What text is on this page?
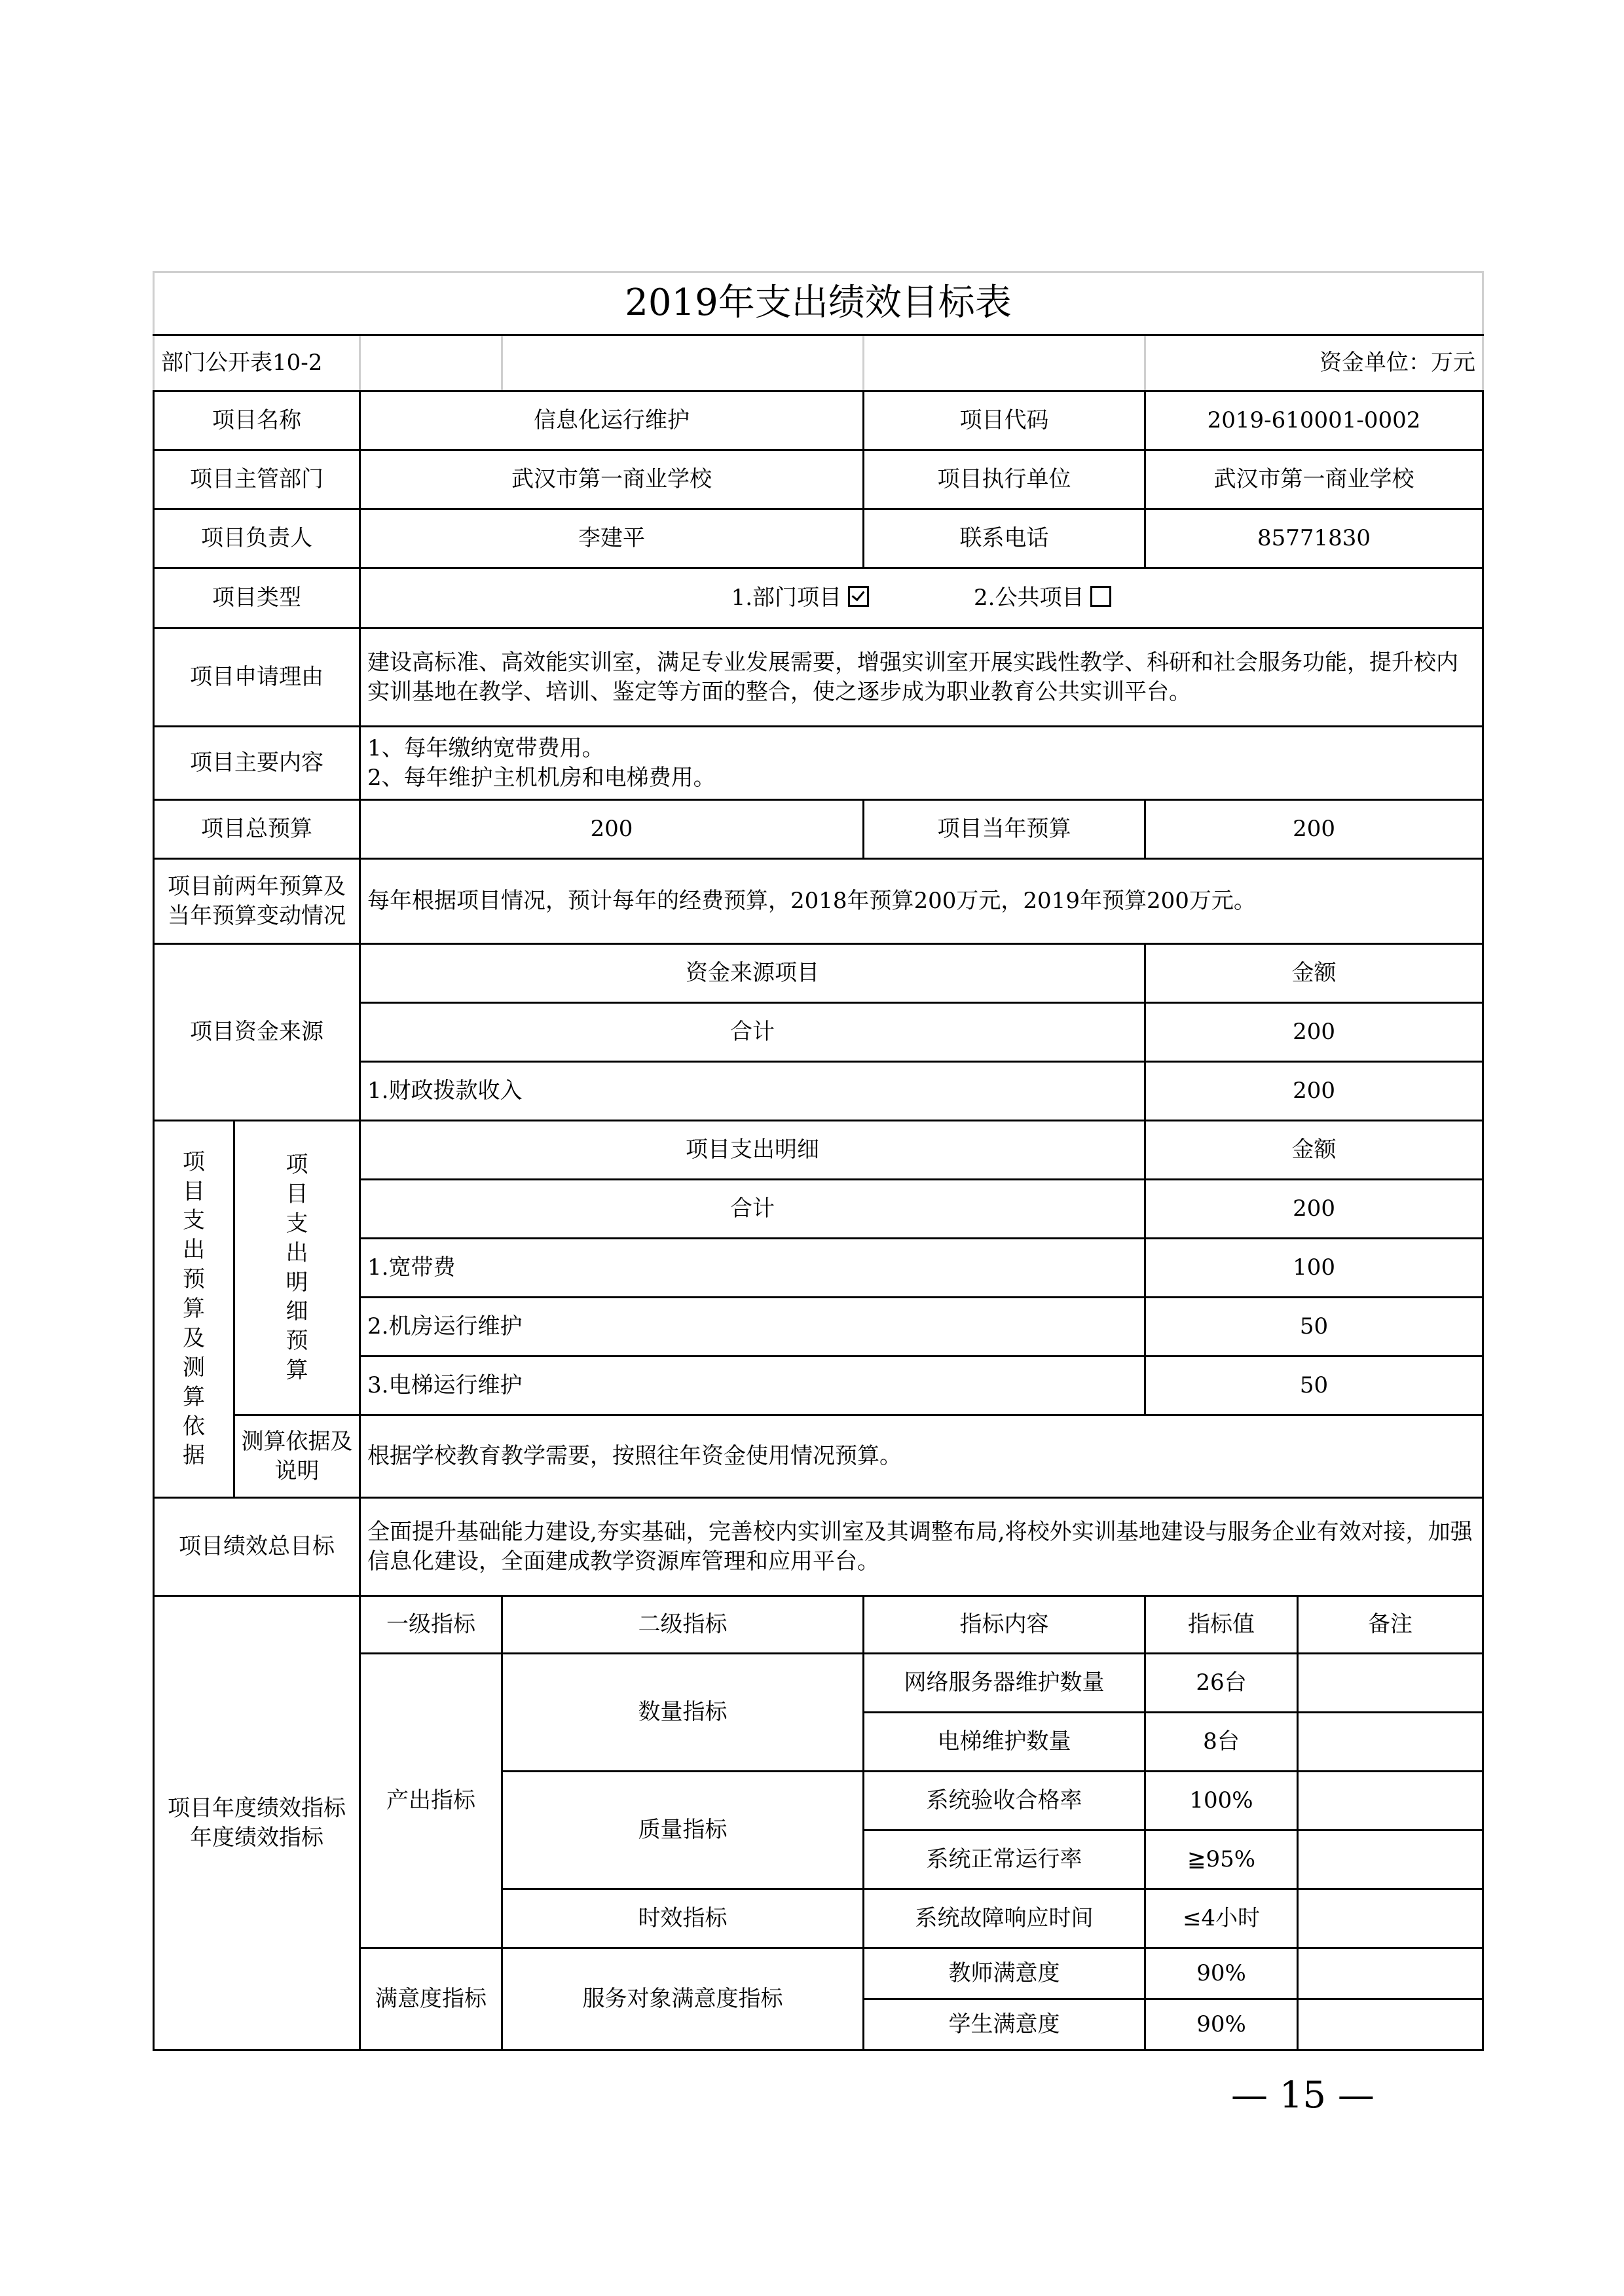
2019年支出绩效目标表						
部门公开表10-2					资金单位：万元	
项目名称		信息化运行维护		项目代码	2019-610001-0002	
项目主管部门		武汉市第一商业学校		项目执行单位	武汉市第一商业学校	
项目负责人		李建平		联系电话	85771830	
项目类型		1.部门项目 2.公共项目				
项目申请理由		建设高标准、高效能实训室，满足专业发展需要，增强实训室开展实践性教学、科研和社会服务功能，提升校内实训基地在教学、培训、鉴定等方面的整合，使之逐步成为职业教育公共实训平台。				
项目主要内容		1、每年缴纳宽带费用。
2、每年维护主机机房和电梯费用。				

项目总预算		200		项目当年预算	200	

项目前两年预算及
当年预算变动情况		每年根据项目情况，预计每年的经费预算，2018年预算200万元，2019年预算200万元。				
项目资金来源		资金来源项目			金额	
		合计			200	
		1.财政拨款收入			200	
项目支出预算及测算依据	项目支出明细预算	项目支出明细			金额	
		合计			200	
		1.宽带费			100	
		2.机房运行维护			50	
		3.电梯运行维护			50	

	测算依据及
说明	根据学校教育教学需要，按照往年资金使用情况预算。				
项目绩效总目标		全面提升基础能力建设,夯实基础，完善校内实训室及其调整布局,将校外实训基地建设与服务企业有效对接，加强信息化建设，全面建成教学资源库管理和应用平台。				

项目年度绩效指标
年度绩效指标		一级指标	二级指标	指标内容	指标值	备注
		产出指标	数量指标	网络服务器维护数量	26台	
				电梯维护数量	8台	
			质量指标	系统验收合格率	100%	
				系统正常运行率	≧95%	
			时效指标	系统故障响应时间	≤4小时	
		满意度指标	服务对象满意度指标	教师满意度	90%	
				学生满意度	90%	
— 15 —
